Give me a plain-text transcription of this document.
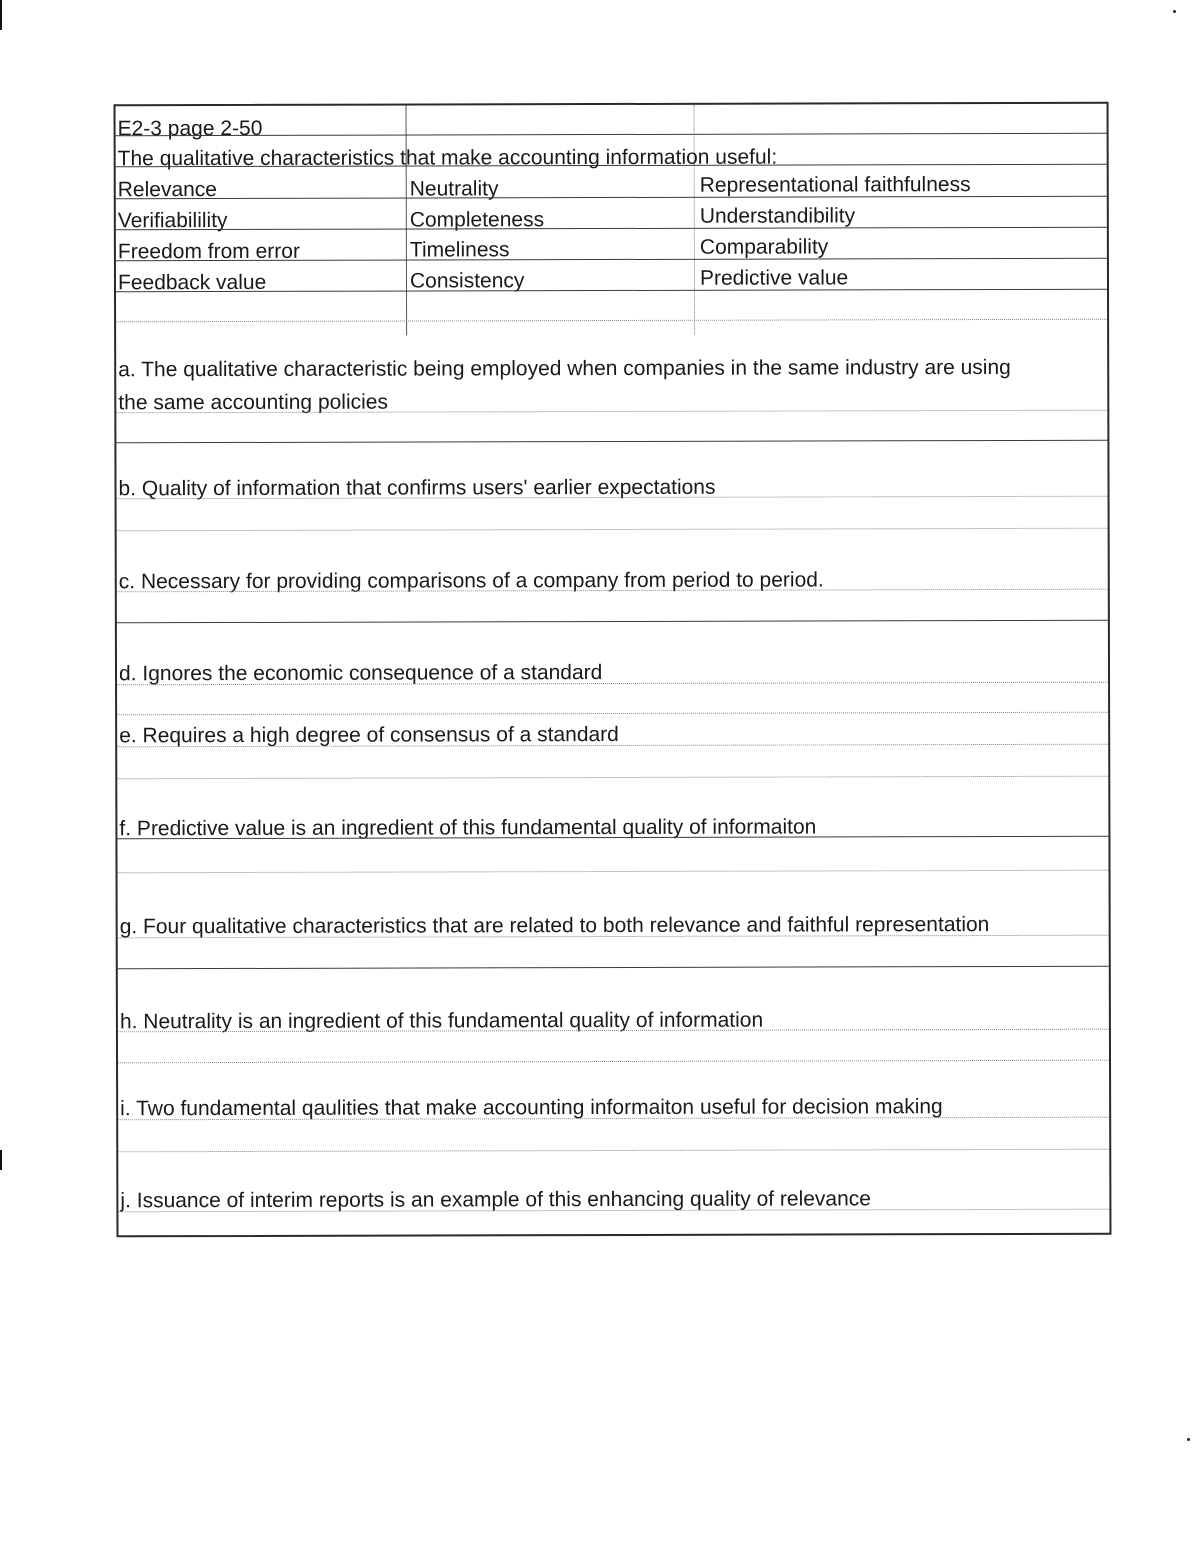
E2-3 page 2-50
The qualitative characteristics that make accounting information useful:
Relevance	Neutrality	Representational faithfulness
Verifiabilility	Completeness	Understandibility
Freedom from error	Timeliness	Comparability
Feedback value	Consistency	Predictive value
a. The qualitative characteristic being employed when companies in the same industry are using
the same accounting policies
b. Quality of information that confirms users' earlier expectations
c. Necessary for providing comparisons of a company from period to period.
d. Ignores the economic consequence of a standard
e. Requires a high degree of consensus of a standard
f. Predictive value is an ingredient of this fundamental quality of informaiton
g. Four qualitative characteristics that are related to both relevance and faithful representation
h. Neutrality is an ingredient of this fundamental quality of information
i. Two fundamental qaulities that make accounting informaiton useful for decision making
j. Issuance of interim reports is an example of this enhancing quality of relevance
